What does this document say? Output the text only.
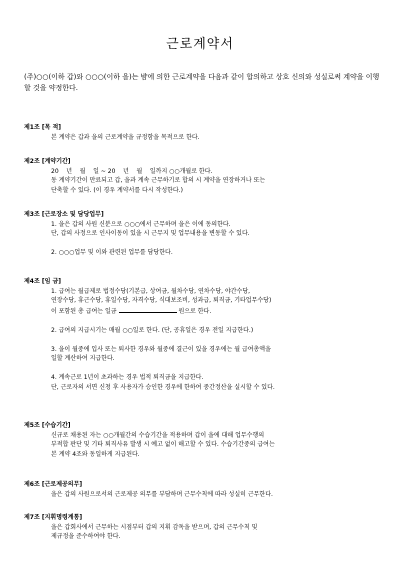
근로계약서
(주)○○(이하 갑)와 ○○○(이하 을)는 뱜에 의한 근로계약을 다음과 같이 합의하고 상호 신의와 성실로써 계약을 이행할 것을 약정한다.
제1조 [목 적]

본 계약은 갑과 을의 근로계약을 규정함을 목적으로 한다.

제2조 [계약기간]

20    년    월    일 ~ 20    년    월    일까지 ○○개월로 한다.

동 계약기간이 만료되고 갑, 을과 계속 근무하기로 합의 시 계약을 연장하거나 또는

단축할 수 있다. (이 경우 계약서를 다시 작성한다.)

제3조 [근로장소 및 담당업무]

1. 을은 갑의 사원 신분으로 ○○○에서 근무하며 을은 이에 동의한다.

단, 갑의 사정으로 인사이동이 있을 시 근무지 및 업무내용을 변동할 수 있다.

2. ○○○업무 및 이와 관련된 업무를 담당한다.

제4조 [임 금]

1. 급여는 월급제로 법정수당(기본급, 상여금, 월차수당, 연차수당, 야간수당,

연장수당, 휴근수당, 휴일수당, 자격수당, 식대보조비, 성과급, 퇴직금, 기타업무수당)

이 포함된 총 급여는 일금	원으로 한다.

2. 급여의 지급시기는 매월 ○○일로 한다. (단, 공휴일은 경우 전일 지급한다.)

3. 을이 월중에 입사 또는 퇴사한 경우와 월중에 결근이 있을 경우에는 월 급여총액을

일할 계산하여 지급한다.

4. 계속근로 1년이 초과하는 경우 법적 퇴직금을 지급한다.

단, 근로자의 서면 신청 후 사용자가 승인한 경우에 한하여 중간정산을 실시할 수 있다.

제5조 [수습기간]

신규로 채용된 자는 ○○개월간의 수습기간을 적용하며 갑이 을에 대해 업무수행의

부적합 판단 및 기타 퇴직사유 발생 시 예고 없이 해고할 수 있다. 수습기간중의 급여는

본 계약 4조와 동일하게 지급된다.

제6조 [근로제공의무]

을은 갑의 사원으로서의 근로제공 의무를 부담하며 근무수칙에 따라 성실히 근무한다.

제7조 [지휘명령계통]

을은 갑회사에서 근무하는 시점부터 갑의 지휘 감독을 받으며, 갑의 근무수칙 및

제규정을 준수하여야 한다.
